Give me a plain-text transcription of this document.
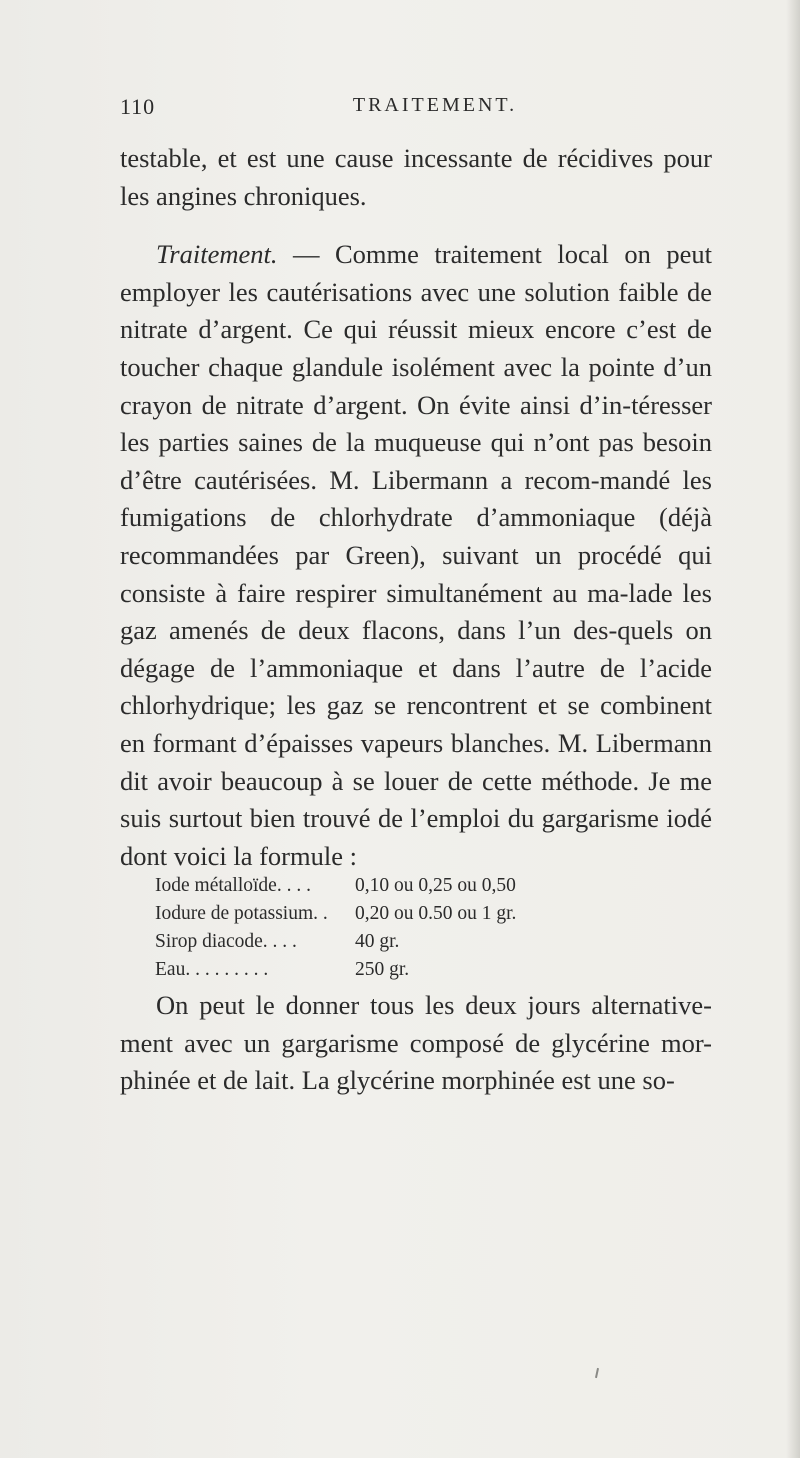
110	TRAITEMENT.

testable, et est une cause incessante de récidives pour les angines chroniques.

Traitement. — Comme traitement local on peut employer les cautérisations avec une solution faible de nitrate d’argent. Ce qui réussit mieux encore c’est de toucher chaque glandule isolément avec la pointe d’un crayon de nitrate d’argent. On évite ainsi d’in-téresser les parties saines de la muqueuse qui n’ont pas besoin d’être cautérisées. M. Libermann a recom-mandé les fumigations de chlorhydrate d’ammoniaque (déjà recommandées par Green), suivant un procédé qui consiste à faire respirer simultanément au ma-lade les gaz amenés de deux flacons, dans l’un des-quels on dégage de l’ammoniaque et dans l’autre de l’acide chlorhydrique; les gaz se rencontrent et se combinent en formant d’épaisses vapeurs blanches. M. Libermann dit avoir beaucoup à se louer de cette méthode. Je me suis surtout bien trouvé de l’emploi du gargarisme iodé dont voici la formule :

Iode métalloïde. . . .	0,10 ou 0,25 ou 0,50
Iodure de potassium. .	0,20 ou 0.50 ou 1 gr.
Sirop diacode. . . .	40 gr.
Eau. . . . . . . . .	250 gr.

On peut le donner tous les deux jours alternative-ment avec un gargarisme composé de glycérine mor-phinée et de lait. La glycérine morphinée est une so-
